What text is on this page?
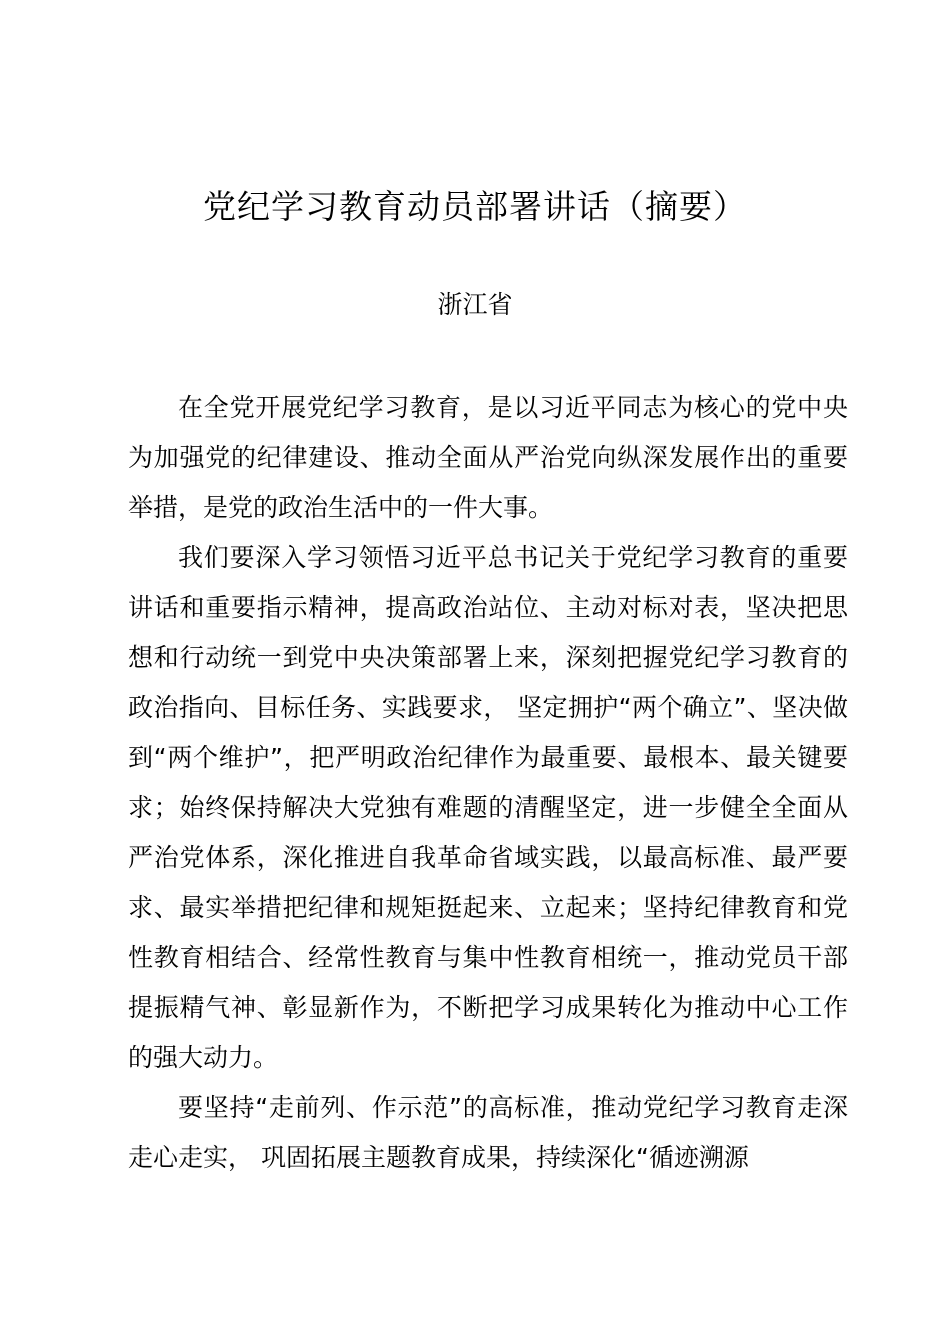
党纪学习教育动员部署讲话（摘要）
浙江省

在全党开展党纪学习教育，是以习近平同志为核心的党中央为加强党的纪律建设、推动全面从严治党向纵深发展作出的重要举措，是党的政治生活中的一件大事。

我们要深入学习领悟习近平总书记关于党纪学习教育的重要讲话和重要指示精神，提高政治站位、主动对标对表，坚决把思想和行动统一到党中央决策部署上来，深刻把握党纪学习教育的政治指向、目标任务、实践要求， 坚定拥护“两个确立”、坚决做到“两个维护”，把严明政治纪律作为最重要、最根本、最关键要求；始终保持解决大党独有难题的清醒坚定，进一步健全全面从严治党体系，深化推进自我革命省域实践，以最高标准、最严要求、最实举措把纪律和规矩挺起来、立起来；坚持纪律教育和党性教育相结合、经常性教育与集中性教育相统一，推动党员干部提振精气神、彰显新作为，不断把学习成果转化为推动中心工作的强大动力。

要坚持“走前列、作示范”的高标准，推动党纪学习教育走深走心走实， 巩固拓展主题教育成果，持续深化“循迹溯源
